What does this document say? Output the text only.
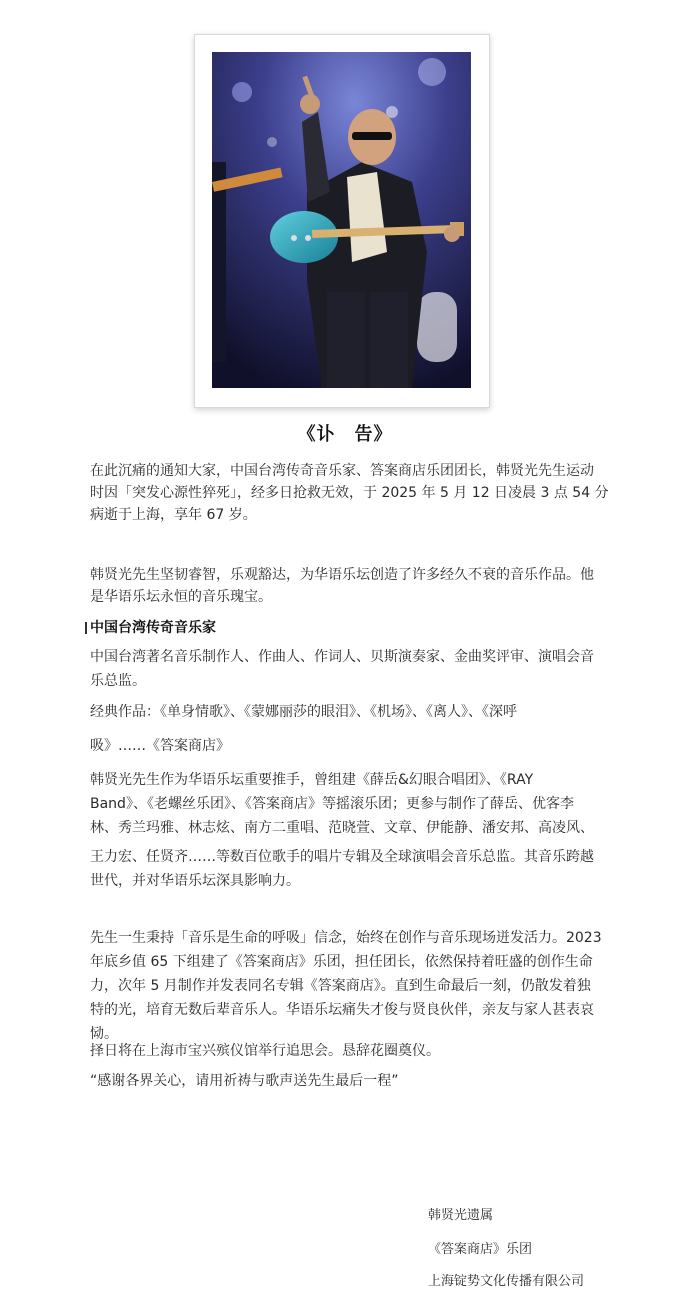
《讣　告》
在此沉痛的通知大家，中国台湾传奇音乐家、答案商店乐团团长，韩贤光先生运动
时因「突发心源性猝死」，经多日抢救无效，于 2025 年 5 月 12 日凌晨 3 点 54 分
病逝于上海，享年 67 岁。
韩贤光先生坚韧睿智，乐观豁达，为华语乐坛创造了许多经久不衰的音乐作品。他
是华语乐坛永恒的音乐瑰宝。
中国台湾传奇音乐家
中国台湾著名音乐制作人、作曲人、作词人、贝斯演奏家、金曲奖评审、演唱会音
乐总监。
经典作品：《单身情歌》、《蒙娜丽莎的眼泪》、《机场》、《离人》、《深呼
吸》……《答案商店》
韩贤光先生作为华语乐坛重要推手，曾组建《薛岳&幻眼合唱团》、《RAY
Band》、《老螺丝乐团》、《答案商店》等摇滚乐团；更参与制作了薛岳、优客李
林、秀兰玛雅、林志炫、南方二重唱、范晓萱、文章、伊能静、潘安邦、高凌风、
王力宏、任贤齐……等数百位歌手的唱片专辑及全球演唱会音乐总监。其音乐跨越
世代，并对华语乐坛深具影响力。
先生一生秉持「音乐是生命的呼吸」信念，始终在创作与音乐现场迸发活力。2023
年底乡值 65 下组建了《答案商店》乐团，担任团长，依然保持着旺盛的创作生命
力，次年 5 月制作并发表同名专辑《答案商店》。直到生命最后一刻，仍散发着独
特的光，培育无数后辈音乐人。华语乐坛痛失才俊与贤良伙伴，亲友与家人甚表哀
恸。
择日将在上海市宝兴殡仪馆举行追思会。恳辞花圈奠仪。
“感谢各界关心，请用祈祷与歌声送先生最后一程”
韩贤光遗属
《答案商店》乐团
上海锭势文化传播有限公司
